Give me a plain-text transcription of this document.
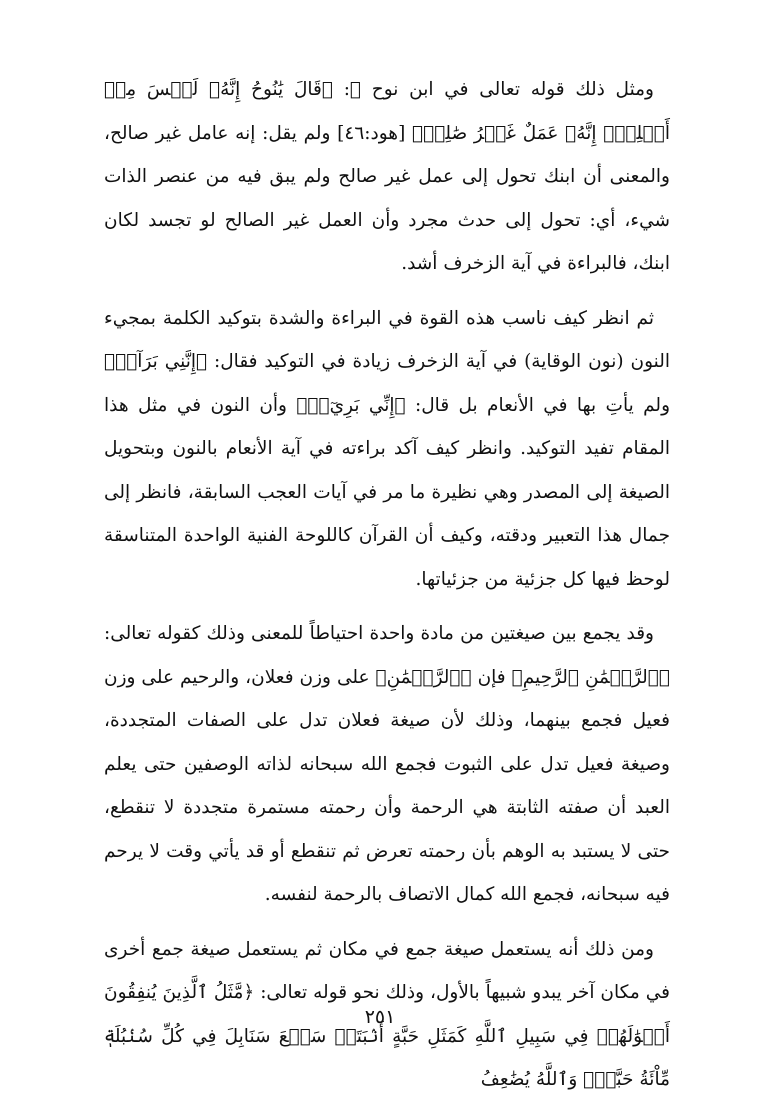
ومثل ذلك قوله تعالى في ابن نوح ﷺ: ﴿قَالَ يَٰنُوحُ إِنَّهُۥ لَيۡسَ مِنۡ أَهۡلِكَۖ إِنَّهُۥ عَمَلٌ غَيۡرُ صَٰلِحٖ﴾ [هود:٤٦] ولم يقل: إنه عامل غير صالح، والمعنى أن ابنك تحول إلى عمل غير صالح ولم يبق فيه من عنصر الذات شيء، أي: تحول إلى حدث مجرد وأن العمل غير الصالح لو تجسد لكان ابنك، فالبراءة في آية الزخرف أشد.

ثم انظر كيف ناسب هذه القوة في البراءة والشدة بتوكيد الكلمة بمجيء النون (نون الوقاية) في آية الزخرف زيادة في التوكيد فقال: ﴿إِنَّنِي بَرَآءٞ﴾ ولم يأتِ بها في الأنعام بل قال: ﴿إِنِّي بَرِيٓءٞ﴾ وأن النون في مثل هذا المقام تفيد التوكيد. وانظر كيف آكد براءته في آية الأنعام بالنون وبتحويل الصيغة إلى المصدر وهي نظيرة ما مر في آيات العجب السابقة، فانظر إلى جمال هذا التعبير ودقته، وكيف أن القرآن كاللوحة الفنية الواحدة المتناسقة لوحظ فيها كل جزئية من جزئياتها.

وقد يجمع بين صيغتين من مادة واحدة احتياطاً للمعنى وذلك كقوله تعالى: ﴿ٱلرَّحۡمَٰنِ ٱلرَّحِيمِ﴾ فإن ﴿ٱلرَّحۡمَٰنِ﴾ على وزن فعلان، والرحيم على وزن فعيل فجمع بينهما، وذلك لأن صيغة فعلان تدل على الصفات المتجددة، وصيغة فعيل تدل على الثبوت فجمع الله سبحانه لذاته الوصفين حتى يعلم العبد أن صفته الثابتة هي الرحمة وأن رحمته مستمرة متجددة لا تنقطع، حتى لا يستبد به الوهم بأن رحمته تعرض ثم تنقطع أو قد يأتي وقت لا يرحم فيه سبحانه، فجمع الله كمال الاتصاف بالرحمة لنفسه.

ومن ذلك أنه يستعمل صيغة جمع في مكان ثم يستعمل صيغة جمع أخرى في مكان آخر يبدو شبيهاً بالأول، وذلك نحو قوله تعالى: ﴿مَّثَلُ ٱلَّذِينَ يُنفِقُونَ أَمۡوَٰلَهُمۡ فِي سَبِيلِ ٱللَّهِ كَمَثَلِ حَبَّةٍ أَنۢبَتَتۡ سَبۡعَ سَنَابِلَ فِي كُلِّ سُنۢبُلَةٖ مِّاْئَةُ حَبَّةٖۗ وَٱللَّهُ يُضَٰعِفُ

٢٥١
